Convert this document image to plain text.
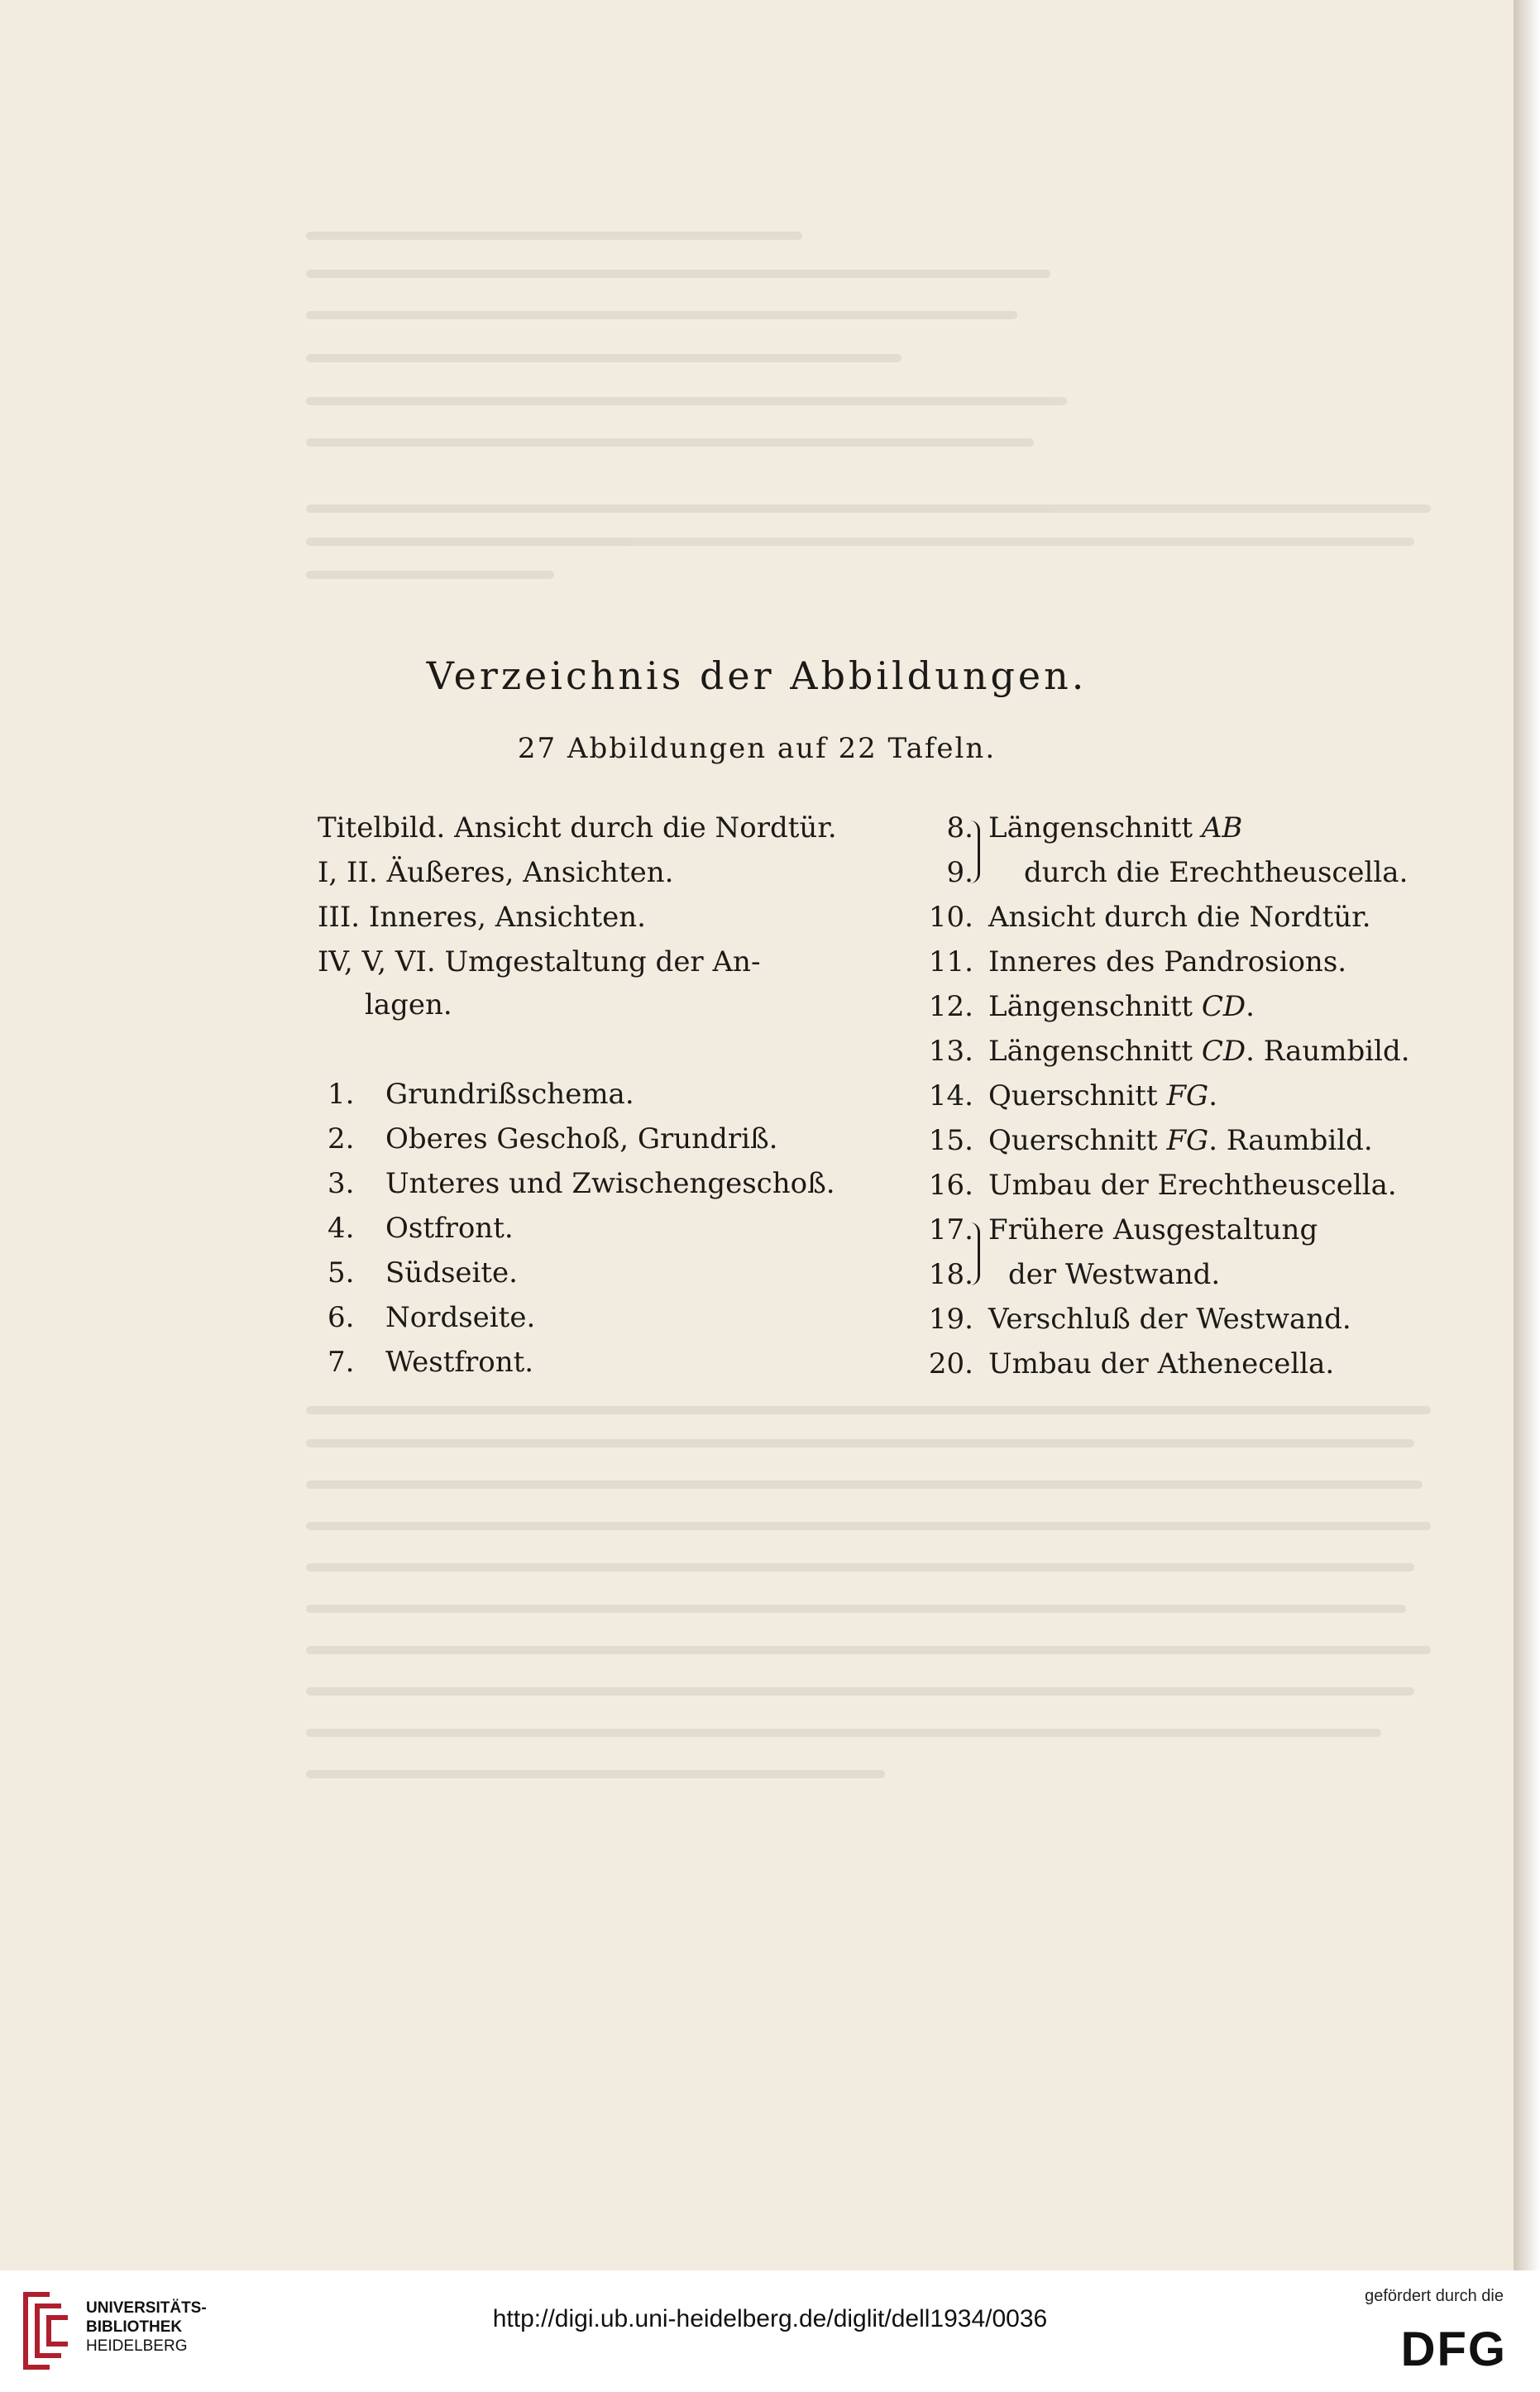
Verzeichnis der Abbildungen.
27 Abbildungen auf 22 Tafeln.
Titelbild. Ansicht durch die Nordtür.
I, II. Äußeres, Ansichten.
III. Inneres, Ansichten.
IV, V, VI. Umgestaltung der An-
lagen.
1. Grundrißschema.
2. Oberes Geschoß, Grundriß.
3. Unteres und Zwischengeschoß.
4. Ostfront.
5. Südseite.
6. Nordseite.
7. Westfront.
8. Längenschnitt AB
9. durch die Erechtheuscella.
10. Ansicht durch die Nordtür.
11. Inneres des Pandrosions.
12. Längenschnitt CD.
13. Längenschnitt CD. Raumbild.
14. Querschnitt FG.
15. Querschnitt FG. Raumbild.
16. Umbau der Erechtheuscella.
17. Frühere Ausgestaltung
18. der Westwand.
19. Verschluß der Westwand.
20. Umbau der Athenecella.
UNIVERSITÄTS-
BIBLIOTHEK
HEIDELBERG
http://digi.ub.uni-heidelberg.de/diglit/dell1934/0036
gefördert durch die
DFG
